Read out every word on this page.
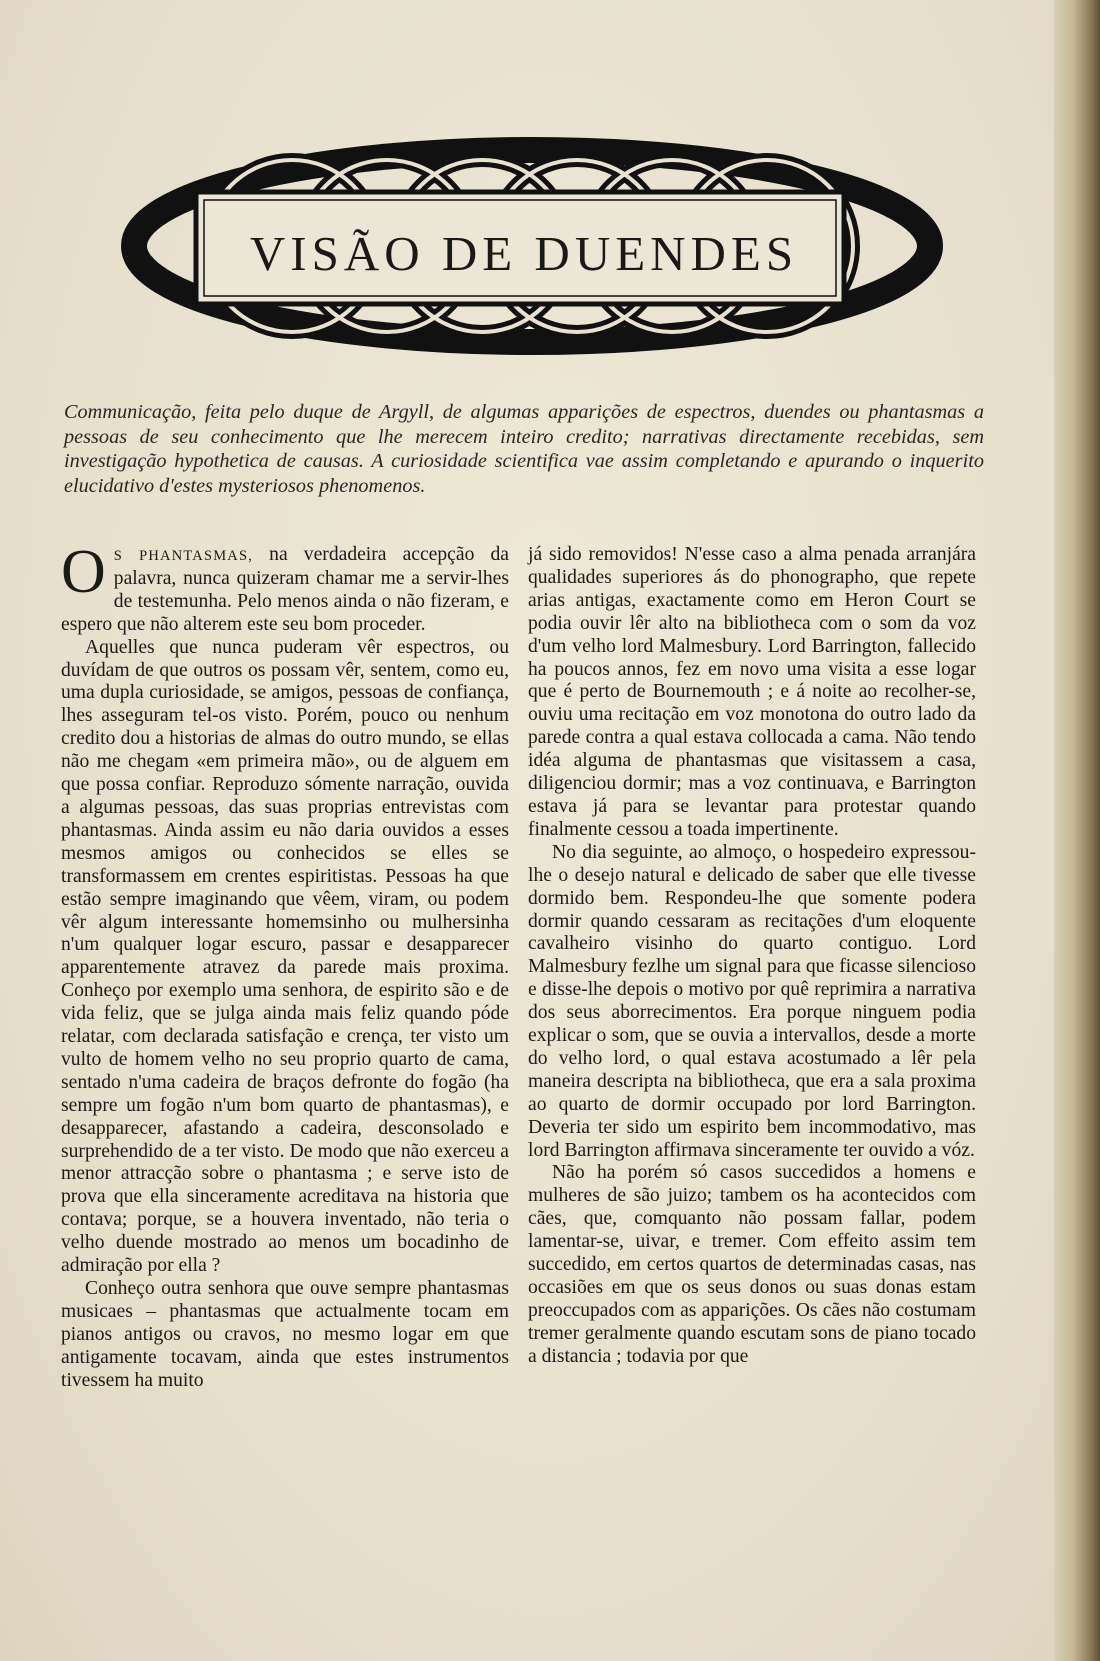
VISÃO DE DUENDES

Communicação, feita pelo duque de Argyll, de algumas apparições de espectros, duendes ou phantasmas a pessoas de seu conhecimento que lhe merecem inteiro credito; narrativas directamente recebidas, sem investigação hypothetica de causas. A curiosidade scientifica vae assim completando e apurando o inquerito elucidativo d'estes mysteriosos phenomenos.

O S PHANTASMAS, na verdadeira accepção da palavra, nunca quizeram chamar me a servir-lhes de testemunha. Pelo menos ainda o não fizeram, e espero que não alterem este seu bom proceder.

Aquelles que nunca puderam vêr espectros, ou duvídam de que outros os possam vêr, sentem, como eu, uma dupla curiosidade, se amigos, pessoas de confiança, lhes asseguram tel-os visto. Porém, pouco ou nenhum credito dou a historias de almas do outro mundo, se ellas não me chegam «em primeira mão», ou de alguem em que possa confiar. Reproduzo sómente narração, ouvida a algumas pessoas, das suas proprias entrevistas com phantasmas. Ainda assim eu não daria ouvidos a esses mesmos amigos ou conhecidos se elles se transformassem em crentes espiritistas. Pessoas ha que estão sempre imaginando que vêem, viram, ou podem vêr algum interessante homemsinho ou mulhersinha n'um qualquer logar escuro, passar e desapparecer apparentemente atravez da parede mais proxima. Conheço por exemplo uma senhora, de espirito são e de vida feliz, que se julga ainda mais feliz quando póde relatar, com declarada satisfação e crença, ter visto um vulto de homem velho no seu proprio quarto de cama, sentado n'uma cadeira de braços defronte do fogão (ha sempre um fogão n'um bom quarto de phantasmas), e desapparecer, afastando a cadeira, desconsolado e surprehendido de a ter visto. De modo que não exerceu a menor attracção sobre o phantasma ; e serve isto de prova que ella sinceramente acreditava na historia que contava; porque, se a houvera inventado, não teria o velho duende mostrado ao menos um bocadinho de admiração por ella ?

Conheço outra senhora que ouve sempre phantasmas musicaes – phantasmas que actualmente tocam em pianos antigos ou cravos, no mesmo logar em que antigamente tocavam, ainda que estes instrumentos tivessem ha muito

já sido removidos! N'esse caso a alma penada arranjára qualidades superiores ás do phonographo, que repete arias antigas, exactamente como em Heron Court se podia ouvir lêr alto na bibliotheca com o som da voz d'um velho lord Malmesbury. Lord Barrington, fallecido ha poucos annos, fez em novo uma visita a esse logar que é perto de Bournemouth ; e á noite ao recolher-se, ouviu uma recitação em voz monotona do outro lado da parede contra a qual estava collocada a cama. Não tendo idéa alguma de phantasmas que visitassem a casa, diligenciou dormir; mas a voz continuava, e Barrington estava já para se levantar para protestar quando finalmente cessou a toada impertinente.

No dia seguinte, ao almoço, o hospedeiro expressou-lhe o desejo natural e delicado de saber que elle tivesse dormido bem. Respondeu-lhe que somente podera dormir quando cessaram as recitações d'um eloquente cavalheiro visinho do quarto contiguo. Lord Malmesbury fezlhe um signal para que ficasse silencioso e disse-lhe depois o motivo por quê reprimira a narrativa dos seus aborrecimentos. Era porque ninguem podia explicar o som, que se ouvia a intervallos, desde a morte do velho lord, o qual estava acostumado a lêr pela maneira descripta na bibliotheca, que era a sala proxima ao quarto de dormir occupado por lord Barrington. Deveria ter sido um espirito bem incommodativo, mas lord Barrington affirmava sinceramente ter ouvido a vóz.

Não ha porém só casos succedidos a homens e mulheres de são juizo; tambem os ha acontecidos com cães, que, comquanto não possam fallar, podem lamentar-se, uivar, e tremer. Com effeito assim tem succedido, em certos quartos de determinadas casas, nas occasiões em que os seus donos ou suas donas estam preoccupados com as apparições. Os cães não costumam tremer geralmente quando escutam sons de piano tocado a distancia ; todavia por que
